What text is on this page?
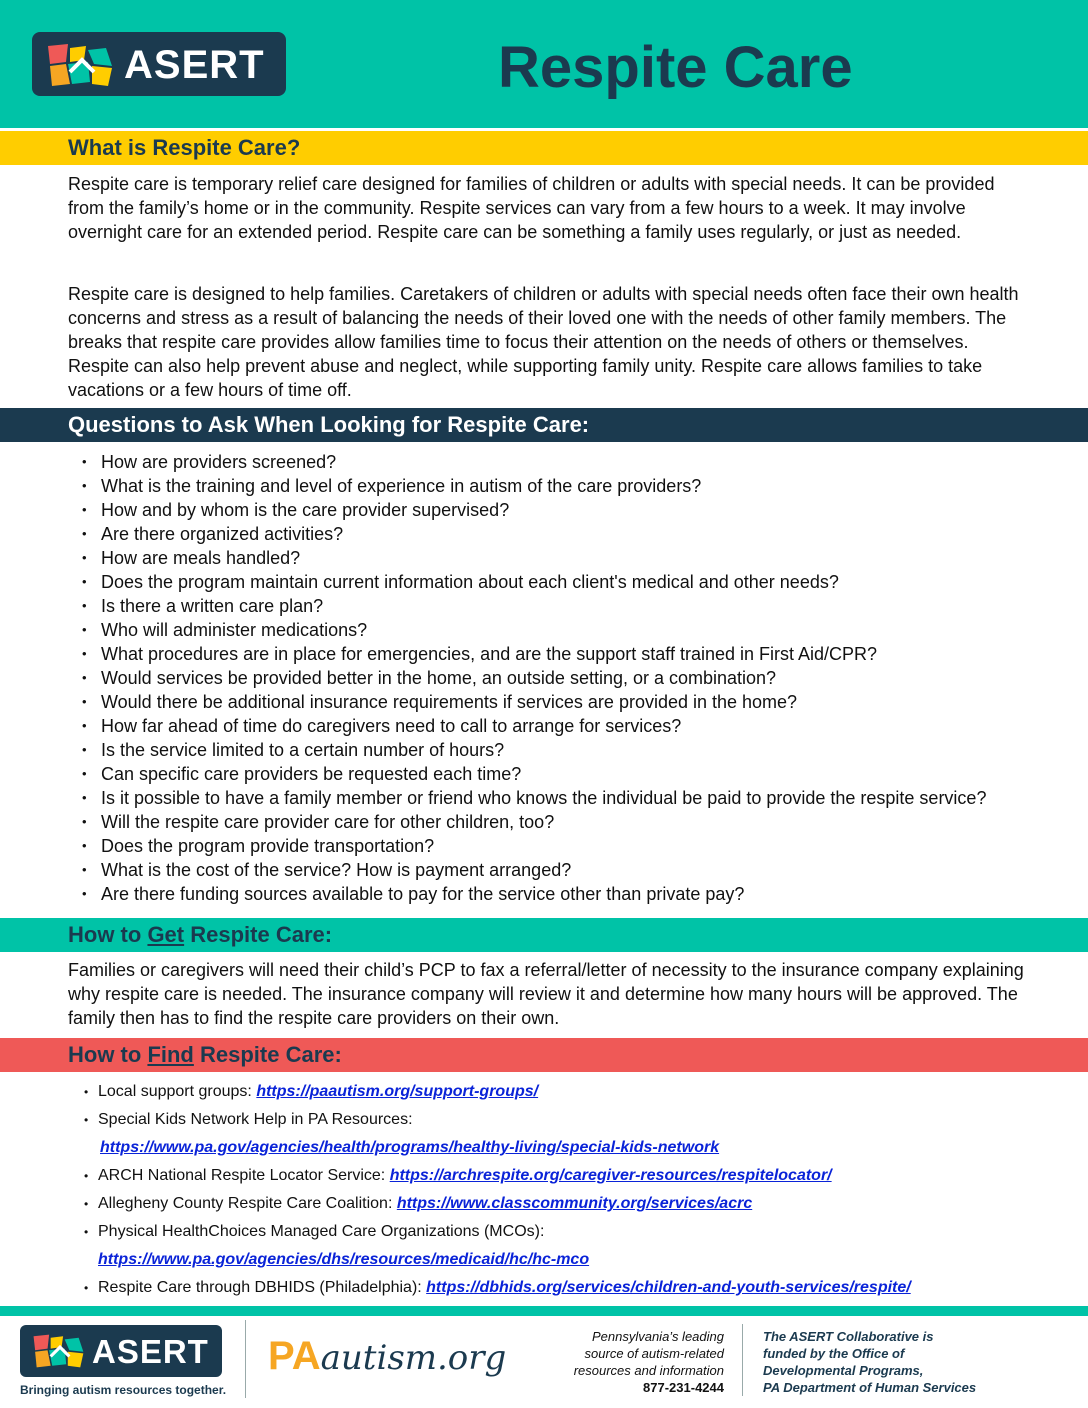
ASERT	Respite Care
What is Respite Care?

Respite care is temporary relief care designed for families of children or adults with special needs. It can be provided from the family’s home or in the community. Respite services can vary from a few hours to a week. It may involve overnight care for an extended period. Respite care can be something a family uses regularly, or just as needed.

Respite care is designed to help families. Caretakers of children or adults with special needs often face their own health concerns and stress as a result of balancing the needs of their loved one with the needs of other family members. The breaks that respite care provides allow families time to focus their attention on the needs of others or themselves. Respite can also help prevent abuse and neglect, while supporting family unity. Respite care allows families to take vacations or a few hours of time off.

Questions to Ask When Looking for Respite Care:
• How are providers screened?
• What is the training and level of experience in autism of the care providers?
• How and by whom is the care provider supervised?
• Are there organized activities?
• How are meals handled?
• Does the program maintain current information about each client's medical and other needs?
• Is there a written care plan?
• Who will administer medications?
• What procedures are in place for emergencies, and are the support staff trained in First Aid/CPR?
• Would services be provided better in the home, an outside setting, or a combination?
• Would there be additional insurance requirements if services are provided in the home?
• How far ahead of time do caregivers need to call to arrange for services?
• Is the service limited to a certain number of hours?
• Can specific care providers be requested each time?
• Is it possible to have a family member or friend who knows the individual be paid to provide the respite service?
• Will the respite care provider care for other children, too?
• Does the program provide transportation?
• What is the cost of the service? How is payment arranged?
• Are there funding sources available to pay for the service other than private pay?
How to Get Respite Care:

Families or caregivers will need their child’s PCP to fax a referral/letter of necessity to the insurance company explaining why respite care is needed. The insurance company will review it and determine how many hours will be approved. The family then has to find the respite care providers on their own.

How to Find Respite Care:
• Local support groups: https://paautism.org/support-groups/
• Special Kids Network Help in PA Resources:
https://www.pa.gov/agencies/health/programs/healthy-living/special-kids-network
• ARCH National Respite Locator Service: https://archrespite.org/caregiver-resources/respitelocator/
• Allegheny County Respite Care Coalition: https://www.classcommunity.org/services/acrc
• Physical HealthChoices Managed Care Organizations (MCOs):
https://www.pa.gov/agencies/dhs/resources/medicaid/hc/hc-mco
• Respite Care through DBHIDS (Philadelphia): https://dbhids.org/services/children-and-youth-services/respite/
ASERT
Bringing autism resources together.
PAautism.org
Pennsylvania’s leading
source of autism-related
resources and information
877-231-4244
The ASERT Collaborative is
funded by the Office of
Developmental Programs,
PA Department of Human Services
